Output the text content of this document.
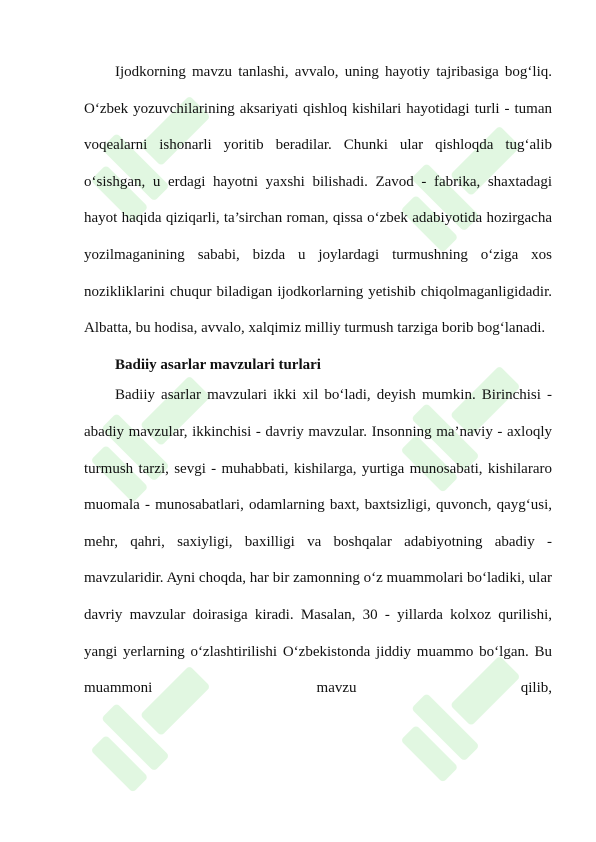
Ijodkorning mavzu tanlashi, avvalo, uning hayotiy tajribasiga bog‘liq. O‘zbek yozuvchilarining aksariyati qishloq kishilari hayotidagi turli - tuman voqealarni ishonarli yoritib beradilar. Chunki ular qishloqda tug‘alib o‘sishgan, u erdagi hayotni yaxshi bilishadi. Zavod - fabrika, shaxtadagi hayot haqida qiziqarli, ta’sirchan roman, qissa o‘zbek adabiyotida hozirgacha yozilmaganining sababi, bizda u joylardagi turmushning o‘ziga xos nozikliklarini chuqur biladigan ijodkorlarning yetishib chiqolmaganligidadir. Albatta, bu hodisa, avvalo, xalqimiz milliy turmush tarziga borib bog‘lanadi.

Badiiy asarlar mavzulari turlari

Badiiy asarlar mavzulari ikki xil bo‘ladi, deyish mumkin. Birinchisi - abadiy mavzular, ikkinchisi - davriy mavzular. Insonning ma’naviy - axloqly turmush tarzi, sevgi - muhabbati, kishilarga, yurtiga munosabati, kishilararo muomala - munosabatlari, odamlarning baxt, baxtsizligi, quvonch, qayg‘usi, mehr, qahri, saxiyligi, baxilligi va boshqalar adabiyotning abadiy - mavzularidir. Ayni choqda, har bir zamonning o‘z muammolari bo‘ladiki, ular davriy mavzular doirasiga kiradi. Masalan, 30 - yillarda kolxoz qurilishi, yangi yerlarning o‘zlashtirilishi O‘zbekistonda jiddiy muammo bo‘lgan. Bu muammoni mavzu qilib,
